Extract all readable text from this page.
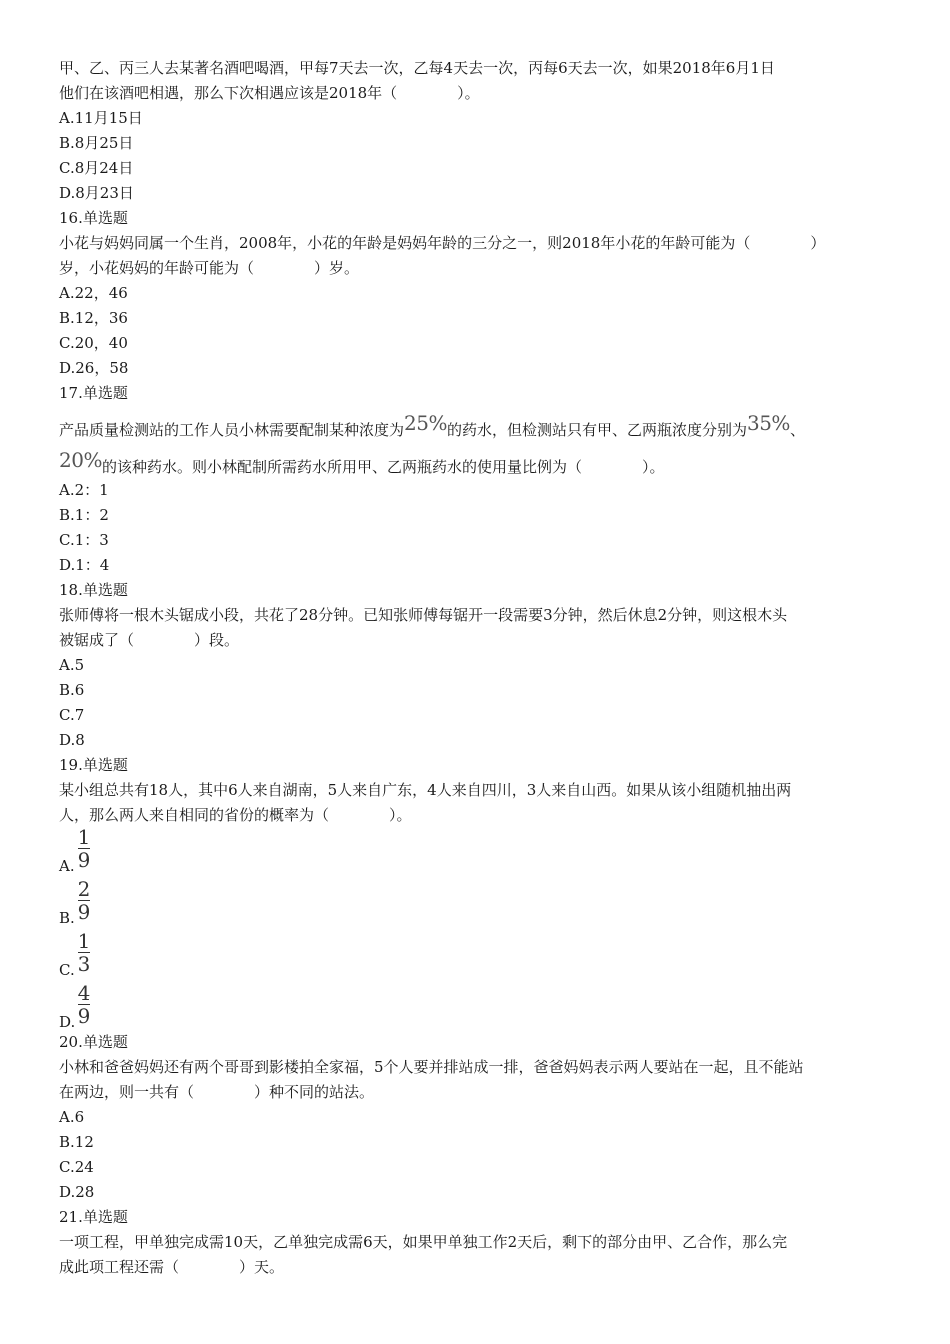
甲、乙、丙三人去某著名酒吧喝酒，甲每7天去一次，乙每4天去一次，丙每6天去一次，如果2018年6月1日

他们在该酒吧相遇，那么下次相遇应该是2018年（　　　　）。

A.11月15日

B.8月25日

C.8月24日

D.8月23日

16.单选题

小花与妈妈同属一个生肖，2008年，小花的年龄是妈妈年龄的三分之一，则2018年小花的年龄可能为（　　　　）

岁，小花妈妈的年龄可能为（　　　　）岁。

A.22，46

B.12，36

C.20，40

D.26，58

17.单选题

产品质量检测站的工作人员小林需要配制某种浓度为25%的药水，但检测站只有甲、乙两瓶浓度分别为35%、

20%的该种药水。则小林配制所需药水所用甲、乙两瓶药水的使用量比例为（　　　　）。

A.2：1

B.1：2

C.1：3

D.1：4

18.单选题

张师傅将一根木头锯成小段，共花了28分钟。已知张师傅每锯开一段需要3分钟，然后休息2分钟，则这根木头

被锯成了（　　　　）段。

A.5

B.6

C.7

D.8

19.单选题

某小组总共有18人，其中6人来自湖南，5人来自广东，4人来自四川，3人来自山西。如果从该小组随机抽出两

人，那么两人来自相同的省份的概率为（　　　　）。

A.
1
9
B.
2
9
C.
1
3
D.
4
9

20.单选题

小林和爸爸妈妈还有两个哥哥到影楼拍全家福，5个人要并排站成一排，爸爸妈妈表示两人要站在一起，且不能站

在两边，则一共有（　　　　）种不同的站法。

A.6

B.12

C.24

D.28

21.单选题

一项工程，甲单独完成需10天，乙单独完成需6天，如果甲单独工作2天后，剩下的部分由甲、乙合作，那么完

成此项工程还需（　　　　）天。
